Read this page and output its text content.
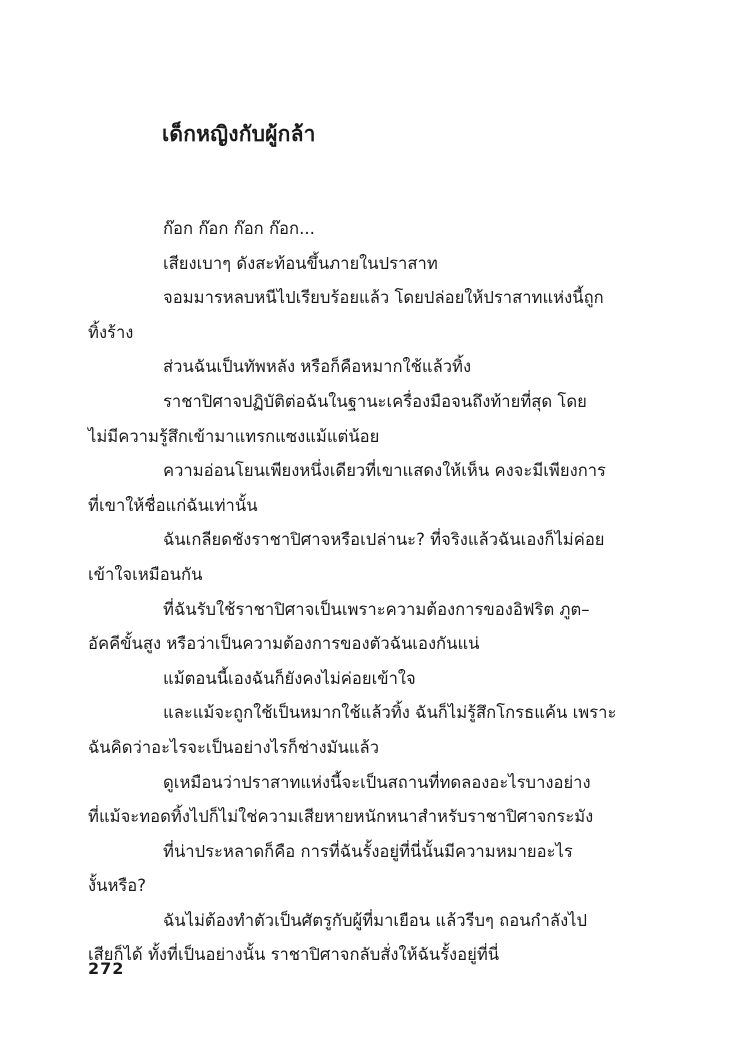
เด็กหญิงกับผู้กล้า
ก๊อก ก๊อก ก๊อก ก๊อก...
เสียงเบาๆ ดังสะท้อนขึ้นภายในปราสาท
จอมมารหลบหนีไปเรียบร้อยแล้ว โดยปล่อยให้ปราสาทแห่งนี้ถูก
ทิ้งร้าง
ส่วนฉันเป็นทัพหลัง หรือก็คือหมากใช้แล้วทิ้ง
ราชาปิศาจปฏิบัติต่อฉันในฐานะเครื่องมือจนถึงท้ายที่สุด โดย
ไม่มีความรู้สึกเข้ามาแทรกแซงแม้แต่น้อย
ความอ่อนโยนเพียงหนึ่งเดียวที่เขาแสดงให้เห็น คงจะมีเพียงการ
ที่เขาให้ชื่อแก่ฉันเท่านั้น
ฉันเกลียดชังราชาปิศาจหรือเปล่านะ? ที่จริงแล้วฉันเองก็ไม่ค่อย
เข้าใจเหมือนกัน
ที่ฉันรับใช้ราชาปิศาจเป็นเพราะความต้องการของอิฟริต ภูต–
อัคคีขั้นสูง หรือว่าเป็นความต้องการของตัวฉันเองกันแน่
แม้ตอนนี้เองฉันก็ยังคงไม่ค่อยเข้าใจ
และแม้จะถูกใช้เป็นหมากใช้แล้วทิ้ง ฉันก็ไม่รู้สึกโกรธแค้น เพราะ
ฉันคิดว่าอะไรจะเป็นอย่างไรก็ช่างมันแล้ว
ดูเหมือนว่าปราสาทแห่งนี้จะเป็นสถานที่ทดลองอะไรบางอย่าง
ที่แม้จะทอดทิ้งไปก็ไม่ใช่ความเสียหายหนักหนาสำหรับราชาปิศาจกระมัง
ที่น่าประหลาดก็คือ การที่ฉันรั้งอยู่ที่นี่นั้นมีความหมายอะไร
งั้นหรือ?
ฉันไม่ต้องทำตัวเป็นศัตรูกับผู้ที่มาเยือน แล้วรีบๆ ถอนกำลังไป
เสียก็ได้ ทั้งที่เป็นอย่างนั้น ราชาปิศาจกลับสั่งให้ฉันรั้งอยู่ที่นี่
272
